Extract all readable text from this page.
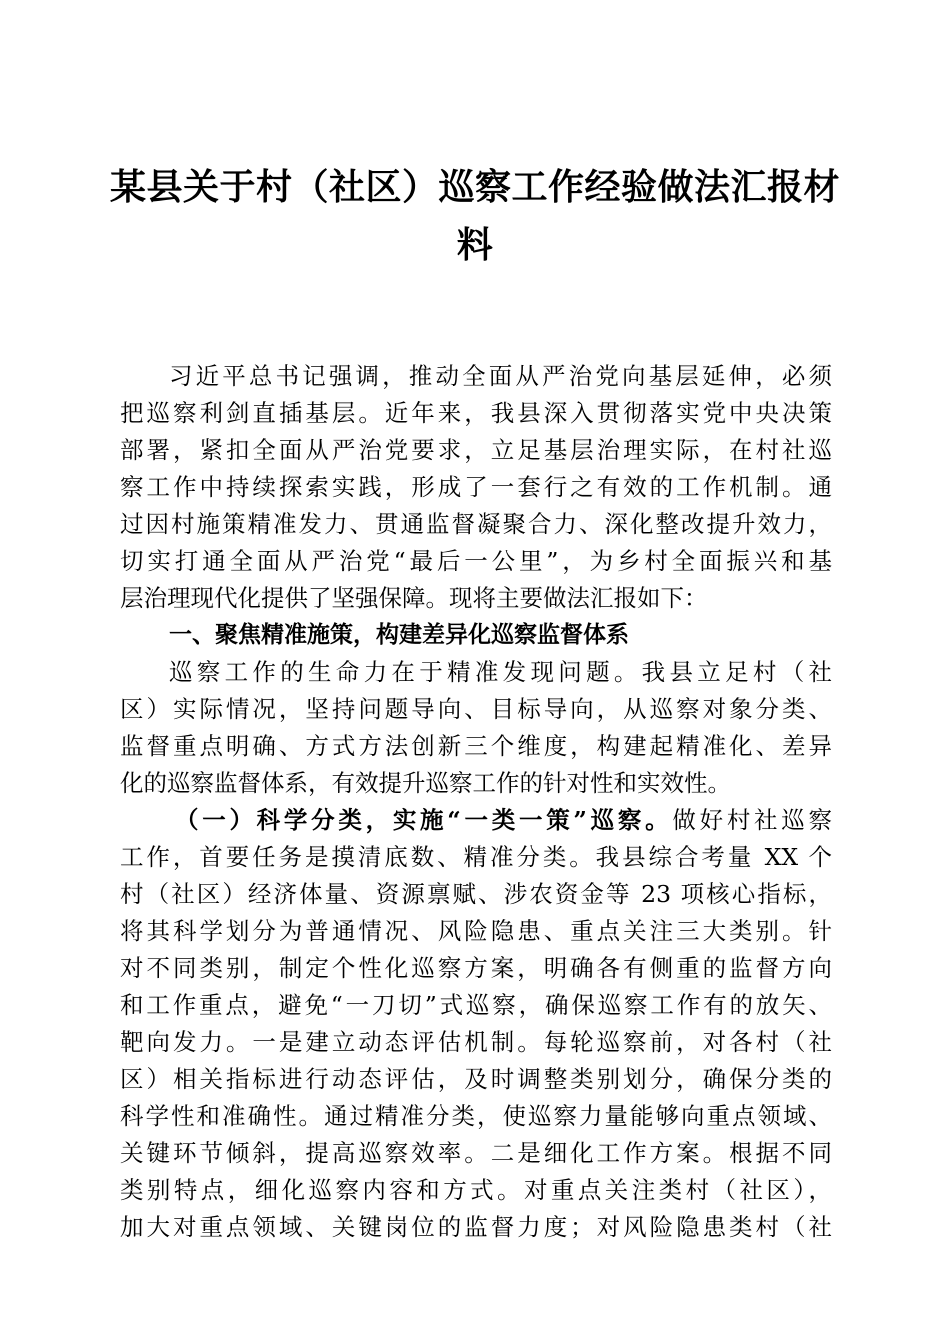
某县关于村（社区）巡察工作经验做法汇报材
料
习近平总书记强调，推动全面从严治党向基层延伸，必须
把巡察利剑直插基层。近年来，我县深入贯彻落实党中央决策
部署，紧扣全面从严治党要求，立足基层治理实际，在村社巡
察工作中持续探索实践，形成了一套行之有效的工作机制。通
过因村施策精准发力、贯通监督凝聚合力、深化整改提升效力，
切实打通全面从严治党“最后一公里”，为乡村全面振兴和基
层治理现代化提供了坚强保障。现将主要做法汇报如下：
一、聚焦精准施策，构建差异化巡察监督体系
巡察工作的生命力在于精准发现问题。我县立足村（社
区）实际情况，坚持问题导向、目标导向，从巡察对象分类、
监督重点明确、方式方法创新三个维度，构建起精准化、差异
化的巡察监督体系，有效提升巡察工作的针对性和实效性。
（一）科学分类，实施“一类一策”巡察。做好村社巡察
工作，首要任务是摸清底数、精准分类。我县综合考量 XX 个
村（社区）经济体量、资源禀赋、涉农资金等 23 项核心指标，
将其科学划分为普通情况、风险隐患、重点关注三大类别。针
对不同类别，制定个性化巡察方案，明确各有侧重的监督方向
和工作重点，避免“一刀切”式巡察，确保巡察工作有的放矢、
靶向发力。一是建立动态评估机制。每轮巡察前，对各村（社
区）相关指标进行动态评估，及时调整类别划分，确保分类的
科学性和准确性。通过精准分类，使巡察力量能够向重点领域、
关键环节倾斜，提高巡察效率。二是细化工作方案。根据不同
类别特点，细化巡察内容和方式。对重点关注类村（社区），
加大对重点领域、关键岗位的监督力度；对风险隐患类村（社
